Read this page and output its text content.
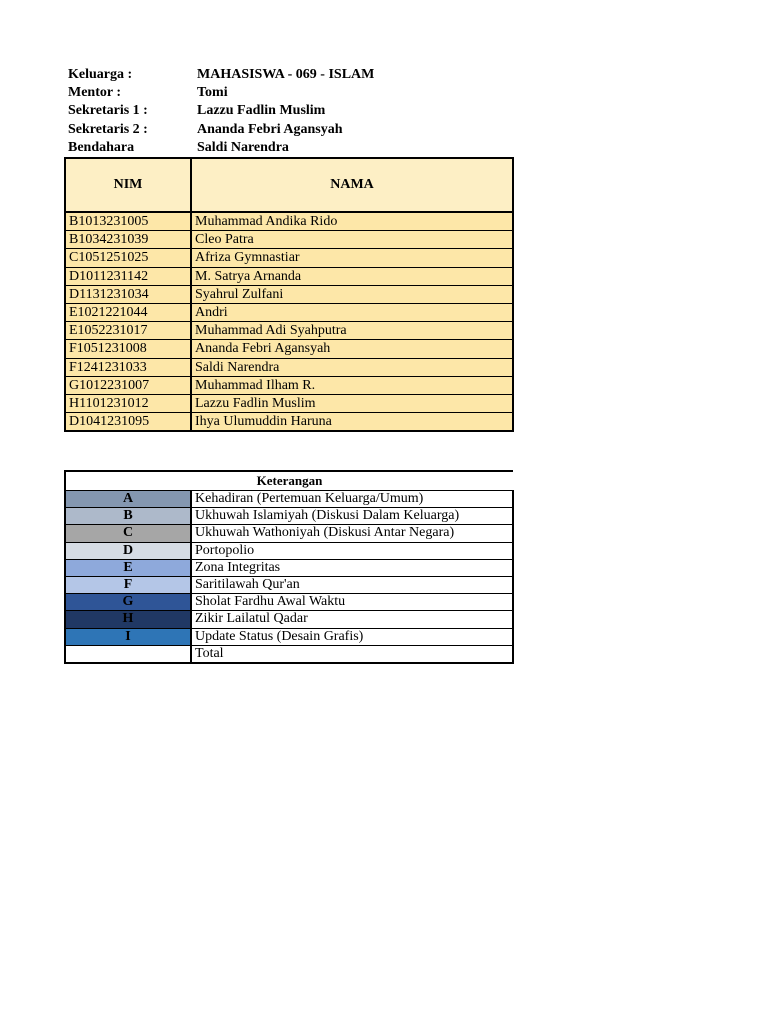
Keluarga :	MAHASISWA - 069 - ISLAM
Mentor :	Tomi
Sekretaris 1 :	Lazzu Fadlin Muslim
Sekretaris 2 :	Ananda Febri Agansyah
Bendahara	Saldi Narendra
NIM	NAMA
B1013231005	Muhammad Andika Rido
B1034231039	Cleo Patra
C1051251025	Afriza Gymnastiar
D1011231142	M. Satrya Arnanda
D1131231034	Syahrul Zulfani
E1021221044	Andri
E1052231017	Muhammad Adi Syahputra
F1051231008	Ananda Febri Agansyah
F1241231033	Saldi Narendra
G1012231007	Muhammad Ilham R.
H1101231012	Lazzu Fadlin Muslim
D1041231095	Ihya Ulumuddin Haruna
Keterangan	
A	Kehadiran (Pertemuan Keluarga/Umum)
B	Ukhuwah Islamiyah (Diskusi Dalam Keluarga)
C	Ukhuwah Wathoniyah (Diskusi Antar Negara)
D	Portopolio
E	Zona Integritas
F	Saritilawah Qur'an
G	Sholat Fardhu Awal Waktu
H	Zikir Lailatul Qadar
I	Update Status (Desain Grafis)
	Total
